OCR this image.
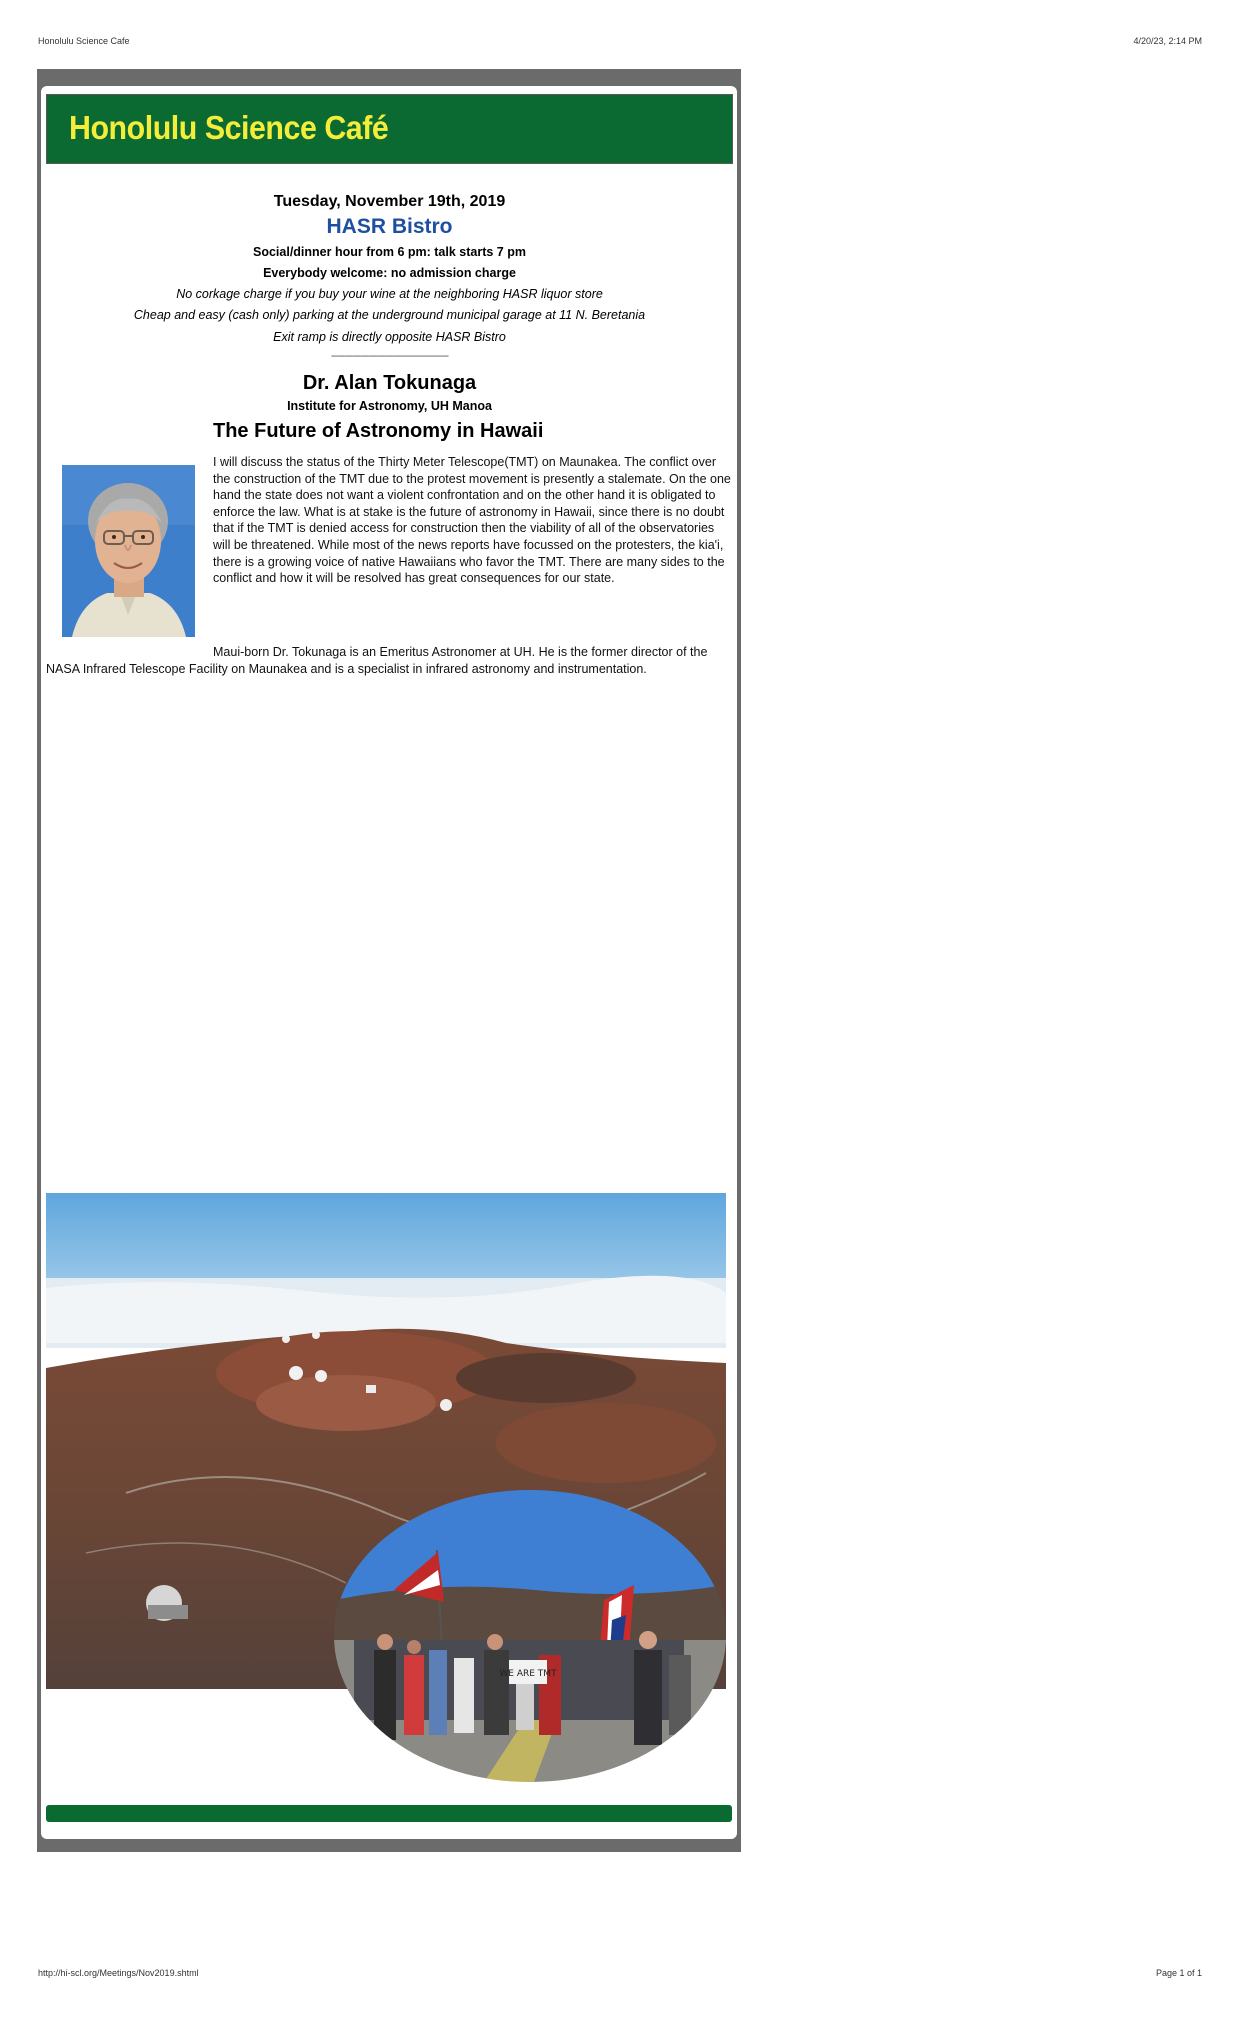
Honolulu Science Cafe	4/20/23, 2:14 PM
http://hi-scl.org/Meetings/Nov2019.shtml	Page 1 of 1
Honolulu Science Café
Tuesday, November 19th, 2019
HASR Bistro
Social/dinner hour from 6 pm: talk starts 7 pm
Everybody welcome: no admission charge
No corkage charge if you buy your wine at the neighboring HASR liquor store
Cheap and easy (cash only) parking at the underground municipal garage at 11 N. Beretania
Exit ramp is directly opposite HASR Bistro
--------------------------------------------
Dr. Alan Tokunaga
Institute for Astronomy, UH Manoa
The Future of Astronomy in Hawaii
I will discuss the status of the Thirty Meter Telescope(TMT) on Maunakea. The conflict over the construction of the TMT due to the protest movement is presently a stalemate. On the one hand the state does not want a violent confrontation and on the other hand it is obligated to enforce the law. What is at stake is the future of astronomy in Hawaii, since there is no doubt that if the TMT is denied access for construction then the viability of all of the observatories will be threatened. While most of the news reports have focussed on the protesters, the kia'i, there is a growing voice of native Hawaiians who favor the TMT. There are many sides to the conflict and how it will be resolved has great consequences for our state.
Maui-born Dr. Tokunaga is an Emeritus Astronomer at UH. He is the former director of the NASA Infrared Telescope Facility on Maunakea and is a specialist in infrared astronomy and instrumentation.
WE ARE TMT
